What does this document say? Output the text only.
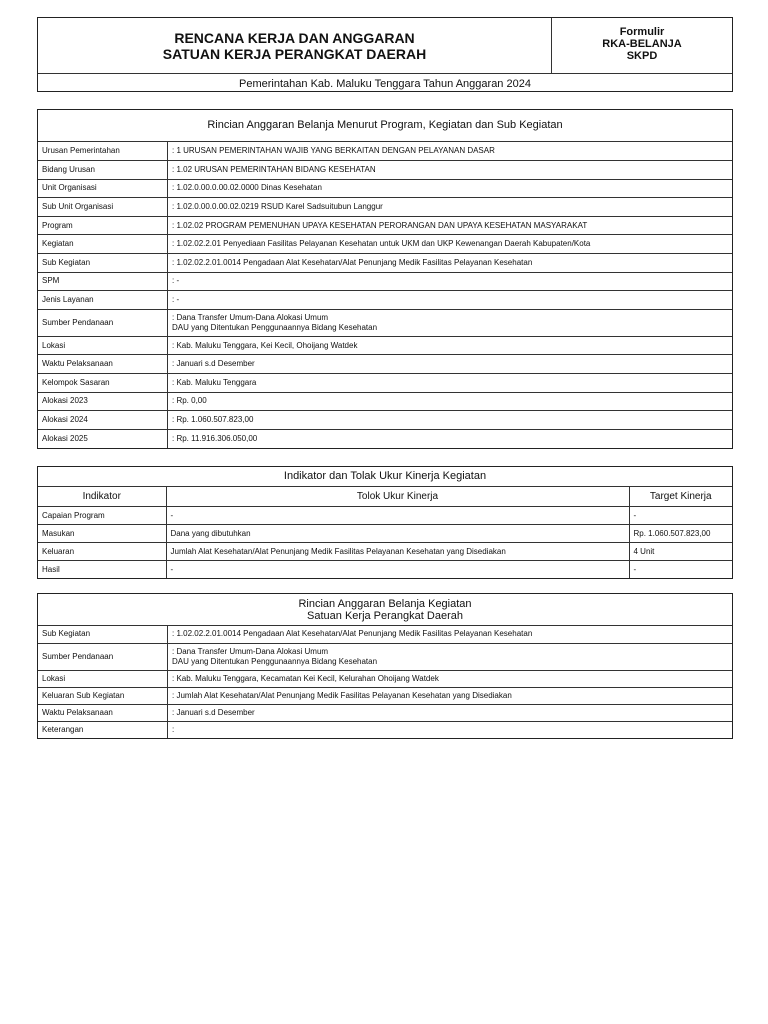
RENCANA KERJA DAN ANGGARAN
SATUAN KERJA PERANGKAT DAERAH
Formulir
RKA-BELANJA
SKPD
Pemerintahan Kab. Maluku Tenggara Tahun Anggaran 2024
Rincian Anggaran Belanja Menurut Program, Kegiatan dan Sub Kegiatan
Urusan Pemerintahan	: 1 URUSAN PEMERINTAHAN WAJIB YANG BERKAITAN DENGAN PELAYANAN DASAR

Bidang Urusan	: 1.02 URUSAN PEMERINTAHAN BIDANG KESEHATAN

Unit Organisasi	: 1.02.0.00.0.00.02.0000 Dinas Kesehatan

Sub Unit Organisasi	: 1.02.0.00.0.00.02.0219 RSUD Karel Sadsuitubun Langgur

Program	: 1.02.02 PROGRAM PEMENUHAN UPAYA KESEHATAN PERORANGAN DAN UPAYA KESEHATAN MASYARAKAT

Kegiatan	: 1.02.02.2.01 Penyediaan Fasilitas Pelayanan Kesehatan untuk UKM dan UKP Kewenangan Daerah Kabupaten/Kota

Sub Kegiatan	: 1.02.02.2.01.0014 Pengadaan Alat Kesehatan/Alat Penunjang Medik Fasilitas Pelayanan Kesehatan

SPM	: -

Jenis Layanan	: -

Sumber Pendanaan	: Dana Transfer Umum-Dana Alokasi Umum
DAU yang Ditentukan Penggunaannya Bidang Kesehatan

Lokasi	: Kab. Maluku Tenggara, Kei Kecil, Ohoijang Watdek

Waktu Pelaksanaan	: Januari s.d Desember

Kelompok Sasaran	: Kab. Maluku Tenggara

Alokasi 2023	: Rp. 0,00

Alokasi 2024	: Rp. 1.060.507.823,00

Alokasi 2025	: Rp. 11.916.306.050,00
Indikator dan Tolak Ukur Kinerja Kegiatan
Indikator	Tolok Ukur Kinerja	Target Kinerja
Capaian Program	-	-
Masukan	Dana yang dibutuhkan	Rp. 1.060.507.823,00
Keluaran	Jumlah Alat Kesehatan/Alat Penunjang Medik Fasilitas Pelayanan Kesehatan yang Disediakan	4 Unit
Hasil	-	-
Rincian Anggaran Belanja Kegiatan
Satuan Kerja Perangkat Daerah
Sub Kegiatan	: 1.02.02.2.01.0014 Pengadaan Alat Kesehatan/Alat Penunjang Medik Fasilitas Pelayanan Kesehatan

Sumber Pendanaan	: Dana Transfer Umum-Dana Alokasi Umum
DAU yang Ditentukan Penggunaannya Bidang Kesehatan

Lokasi	: Kab. Maluku Tenggara, Kecamatan Kei Kecil, Kelurahan Ohoijang Watdek

Keluaran Sub Kegiatan	: Jumlah Alat Kesehatan/Alat Penunjang Medik Fasilitas Pelayanan Kesehatan yang Disediakan

Waktu Pelaksanaan	: Januari s.d Desember

Keterangan	:
